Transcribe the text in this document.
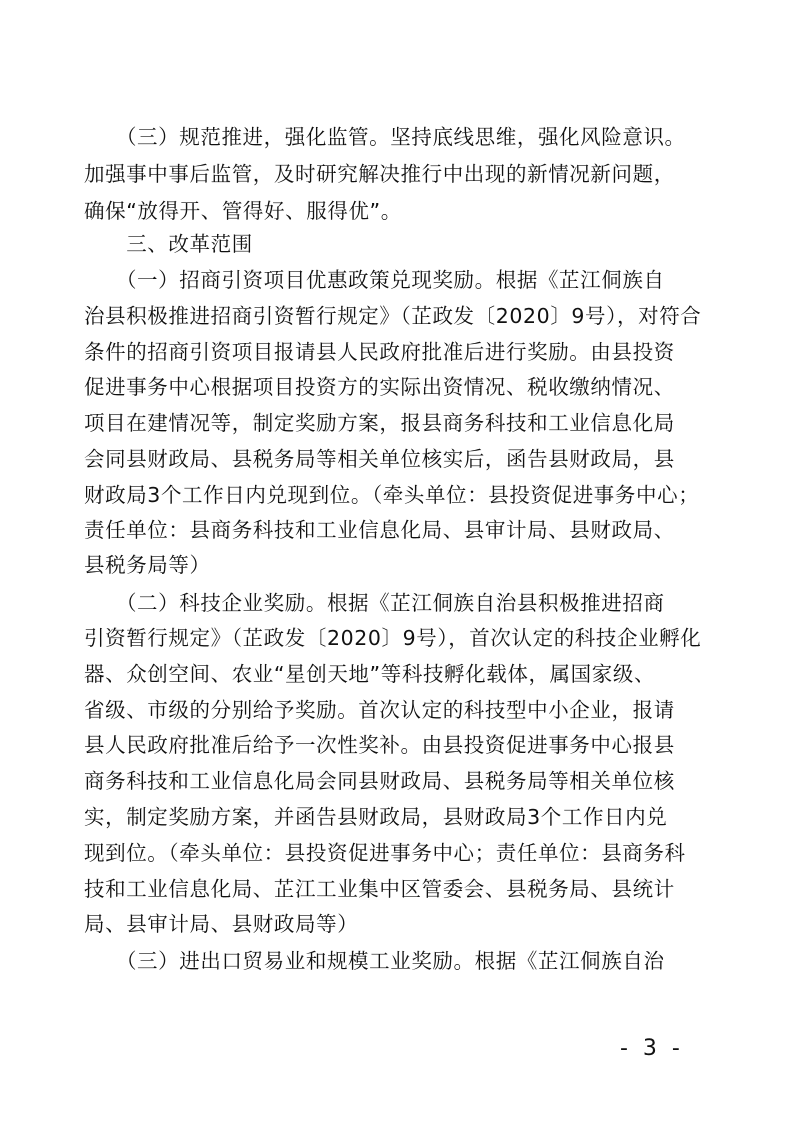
　　（三）规范推进，强化监管。坚持底线思维，强化风险意识。
加强事中事后监管，及时研究解决推行中出现的新情况新问题，
确保“放得开、管得好、服得优”。
　　三、改革范围
　　（一）招商引资项目优惠政策兑现奖励。根据《芷江侗族自
治县积极推进招商引资暂行规定》（芷政发〔2020〕9号），对符合
条件的招商引资项目报请县人民政府批准后进行奖励。由县投资
促进事务中心根据项目投资方的实际出资情况、税收缴纳情况、
项目在建情况等，制定奖励方案，报县商务科技和工业信息化局
会同县财政局、县税务局等相关单位核实后，函告县财政局，县
财政局3个工作日内兑现到位。（牵头单位：县投资促进事务中心；
责任单位：县商务科技和工业信息化局、县审计局、县财政局、
县税务局等）
　　（二）科技企业奖励。根据《芷江侗族自治县积极推进招商
引资暂行规定》（芷政发〔2020〕9号），首次认定的科技企业孵化
器、众创空间、农业“星创天地”等科技孵化载体，属国家级、
省级、市级的分别给予奖励。首次认定的科技型中小企业，报请
县人民政府批准后给予一次性奖补。由县投资促进事务中心报县
商务科技和工业信息化局会同县财政局、县税务局等相关单位核
实，制定奖励方案，并函告县财政局，县财政局3个工作日内兑
现到位。（牵头单位：县投资促进事务中心；责任单位：县商务科
技和工业信息化局、芷江工业集中区管委会、县税务局、县统计
局、县审计局、县财政局等）
　　（三）进出口贸易业和规模工业奖励。根据《芷江侗族自治
- 3 -
